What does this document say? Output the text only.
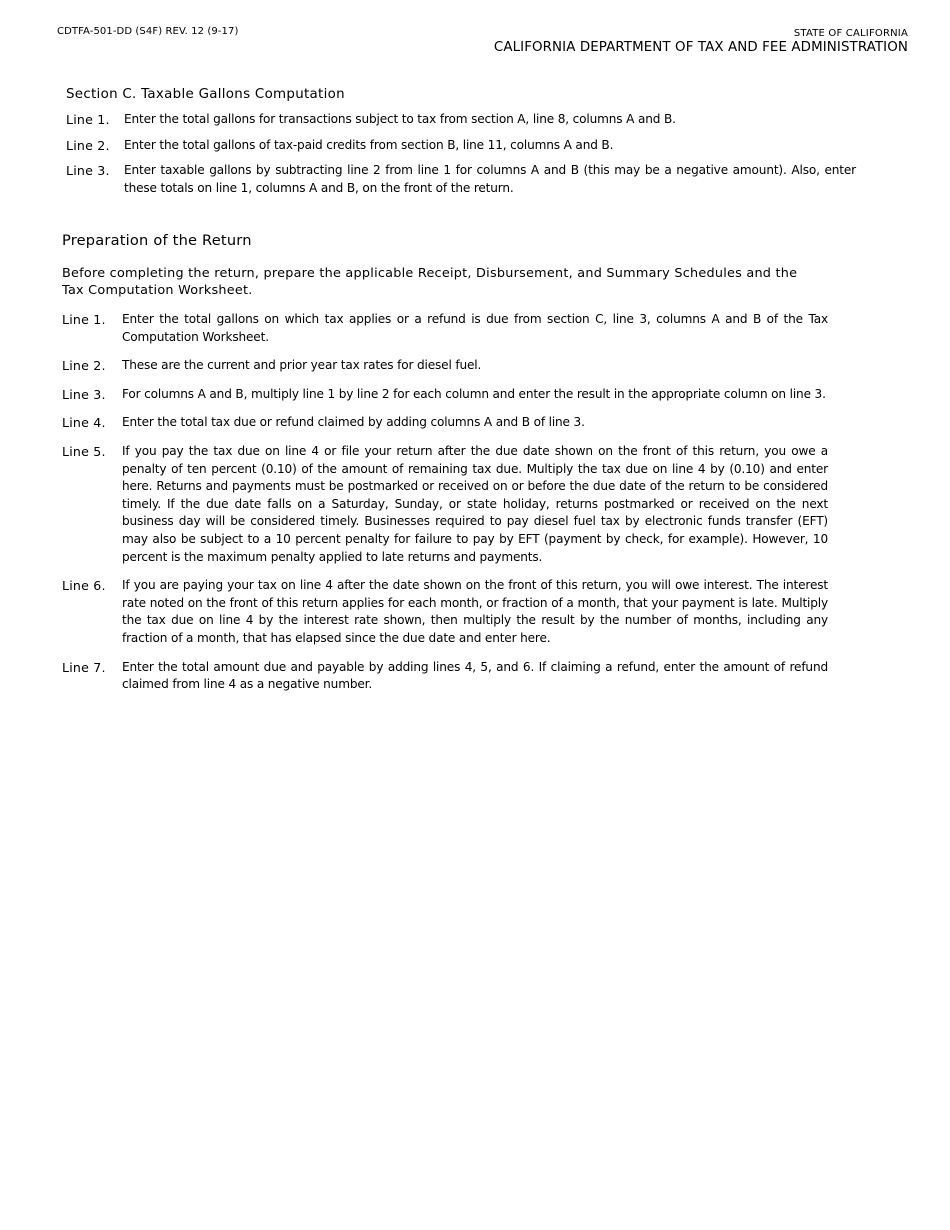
CDTFA-501-DD (S4F) REV. 12 (9-17)	STATE OF CALIFORNIA
CALIFORNIA DEPARTMENT OF TAX AND FEE ADMINISTRATION
Section C. Taxable Gallons Computation
Line 1.	Enter the total gallons for transactions subject to tax from section A, line 8, columns A and B.
Line 2.	Enter the total gallons of tax-paid credits from section B, line 11, columns A and B.
Line 3.	Enter taxable gallons by subtracting line 2 from line 1 for columns A and B (this may be a negative amount). Also, enter these totals on line 1, columns A and B, on the front of the return.
Preparation of the Return
Before completing the return, prepare the applicable Receipt, Disbursement, and Summary Schedules and the Tax Computation Worksheet.
Line 1.	Enter the total gallons on which tax applies or a refund is due from section C, line 3, columns A and B of the Tax Computation Worksheet.
Line 2.	These are the current and prior year tax rates for diesel fuel.
Line 3.	For columns A and B, multiply line 1 by line 2 for each column and enter the result in the appropriate column on line 3.
Line 4.	Enter the total tax due or refund claimed by adding columns A and B of line 3.
Line 5.	If you pay the tax due on line 4 or file your return after the due date shown on the front of this return, you owe a penalty of ten percent (0.10) of the amount of remaining tax due. Multiply the tax due on line 4 by (0.10) and enter here. Returns and payments must be postmarked or received on or before the due date of the return to be considered timely. If the due date falls on a Saturday, Sunday, or state holiday, returns postmarked or received on the next business day will be considered timely. Businesses required to pay diesel fuel tax by electronic funds transfer (EFT) may also be subject to a 10 percent penalty for failure to pay by EFT (payment by check, for example). However, 10 percent is the maximum penalty applied to late returns and payments.
Line 6.	If you are paying your tax on line 4 after the date shown on the front of this return, you will owe interest. The interest rate noted on the front of this return applies for each month, or fraction of a month, that your payment is late. Multiply the tax due on line 4 by the interest rate shown, then multiply the result by the number of months, including any fraction of a month, that has elapsed since the due date and enter here.
Line 7.	Enter the total amount due and payable by adding lines 4, 5, and 6. If claiming a refund, enter the amount of refund claimed from line 4 as a negative number.
